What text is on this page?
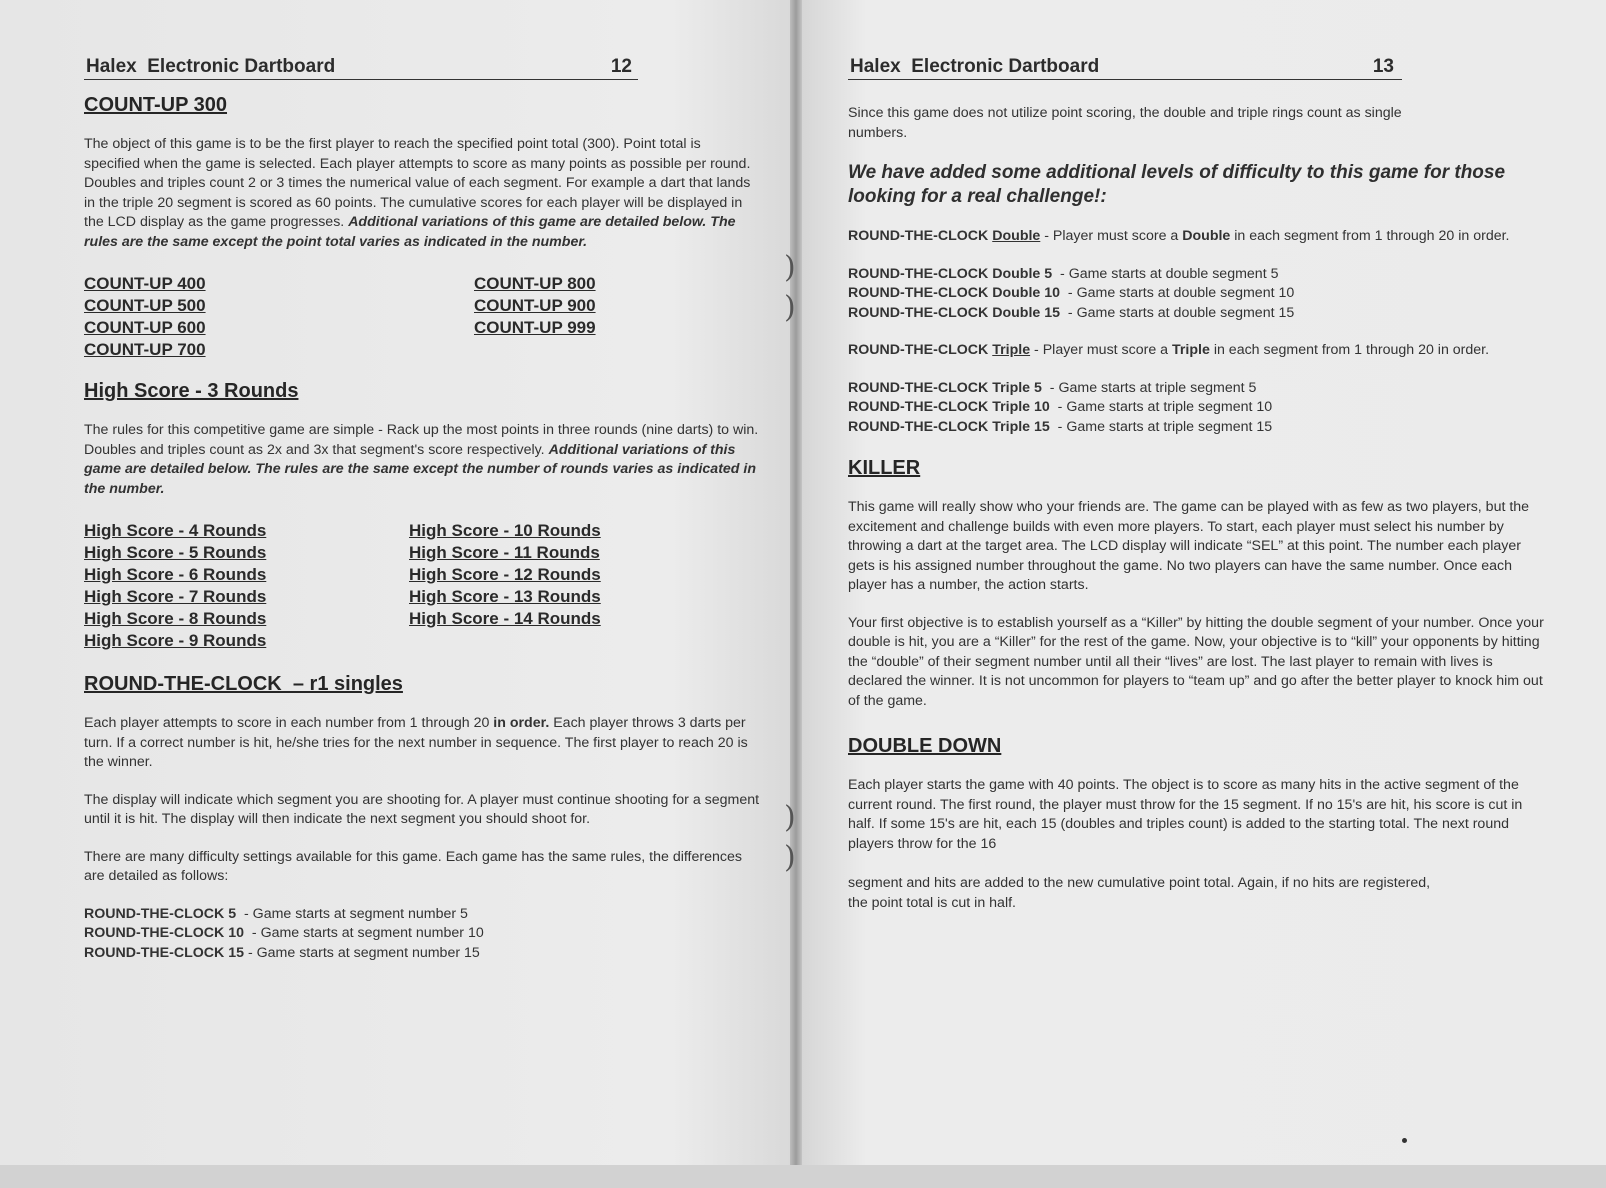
Halex  Electronic Dartboard	12
COUNT-UP 300

The object of this game is to be the first player to reach the specified point total (300). Point total is specified when the game is selected. Each player attempts to score as many points as possible per round. Doubles and triples count 2 or 3 times the numerical value of each segment. For example a dart that lands in the triple 20 segment is scored as 60 points. The cumulative scores for each player will be displayed in the LCD display as the game progresses. Additional variations of this game are detailed below. The rules are the same except the point total varies as indicated in the number.

COUNT-UP 400
COUNT-UP 500
COUNT-UP 600
COUNT-UP 700
COUNT-UP 800
COUNT-UP 900
COUNT-UP 999
High Score - 3 Rounds

The rules for this competitive game are simple - Rack up the most points in three rounds (nine darts) to win. Doubles and triples count as 2x and 3x that segment's score respectively. Additional variations of this game are detailed below. The rules are the same except the number of rounds varies as indicated in the number.

High Score - 4 Rounds
High Score - 5 Rounds
High Score - 6 Rounds
High Score - 7 Rounds
High Score - 8 Rounds
High Score - 9 Rounds
High Score - 10 Rounds
High Score - 11 Rounds
High Score - 12 Rounds
High Score - 13 Rounds
High Score - 14 Rounds
ROUND-THE-CLOCK  – r1 singles

Each player attempts to score in each number from 1 through 20 in order. Each player throws 3 darts per turn. If a correct number is hit, he/she tries for the next number in sequence. The first player to reach 20 is the winner.

The display will indicate which segment you are shooting for. A player must continue shooting for a segment until it is hit. The display will then indicate the next segment you should shoot for.

There are many difficulty settings available for this game. Each game has the same rules, the differences are detailed as follows:

ROUND-THE-CLOCK 5  - Game starts at segment number 5
ROUND-THE-CLOCK 10  - Game starts at segment number 10
ROUND-THE-CLOCK 15 - Game starts at segment number 15
Halex  Electronic Dartboard	13

Since this game does not utilize point scoring, the double and triple rings count as single numbers.

We have added some additional levels of difficulty to this game for those looking for a real challenge!:

ROUND-THE-CLOCK Double - Player must score a Double in each segment from 1 through 20 in order.

ROUND-THE-CLOCK Double 5  - Game starts at double segment 5
ROUND-THE-CLOCK Double 10  - Game starts at double segment 10
ROUND-THE-CLOCK Double 15  - Game starts at double segment 15

ROUND-THE-CLOCK Triple - Player must score a Triple in each segment from 1 through 20 in order.

ROUND-THE-CLOCK Triple 5  - Game starts at triple segment 5
ROUND-THE-CLOCK Triple 10  - Game starts at triple segment 10
ROUND-THE-CLOCK Triple 15  - Game starts at triple segment 15
KILLER

This game will really show who your friends are. The game can be played with as few as two players, but the excitement and challenge builds with even more players. To start, each player must select his number by throwing a dart at the target area. The LCD display will indicate “SEL” at this point. The number each player gets is his assigned number throughout the game. No two players can have the same number. Once each player has a number, the action starts.

Your first objective is to establish yourself as a “Killer” by hitting the double segment of your number. Once your double is hit, you are a “Killer” for the rest of the game. Now, your objective is to “kill” your opponents by hitting the “double” of their segment number until all their “lives” are lost. The last player to remain with lives is declared the winner. It is not uncommon for players to “team up” and go after the better player to knock him out of the game.

DOUBLE DOWN

Each player starts the game with 40 points. The object is to score as many hits in the active segment of the current round. The first round, the player must throw for the 15 segment. If no 15's are hit, his score is cut in half. If some 15's are hit, each 15 (doubles and triples count) is added to the starting total. The next round players throw for the 16

segment and hits are added to the new cumulative point total. Again, if no hits are registered, the point total is cut in half.

)
)
)
)
